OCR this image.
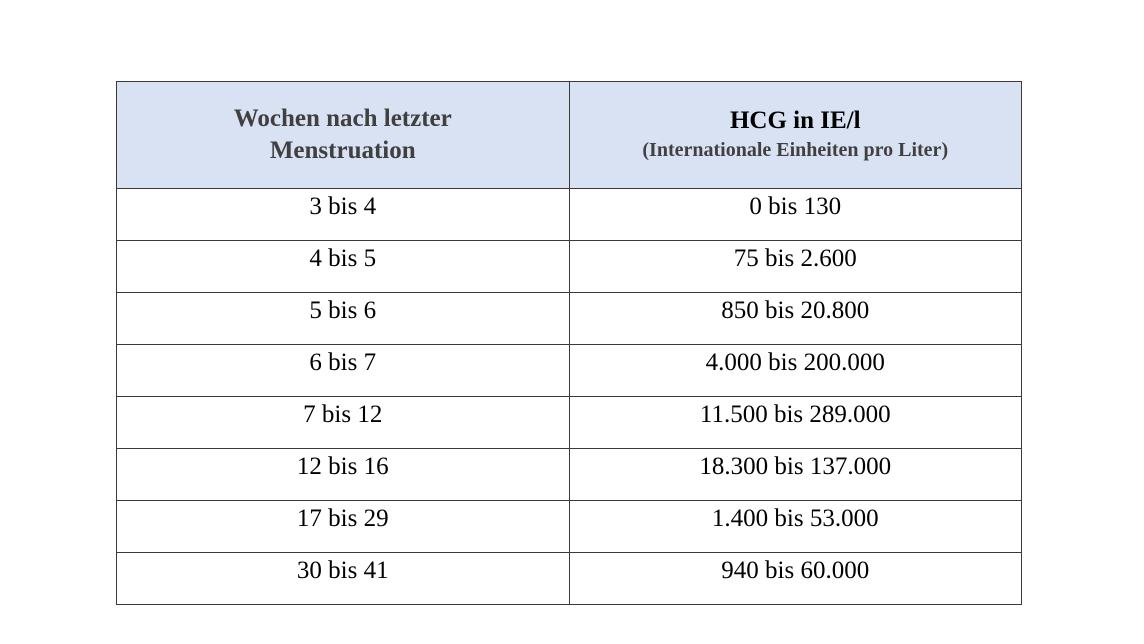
Wochen nach letzter
Menstruation	HCG in IE/l
(Internationale Einheiten pro Liter)

3 bis 4	0 bis 130
4 bis 5	75 bis 2.600
5 bis 6	850 bis 20.800
6 bis 7	4.000 bis 200.000
7 bis 12	11.500 bis 289.000
12 bis 16	18.300 bis 137.000
17 bis 29	1.400 bis 53.000
30 bis 41	940 bis 60.000
